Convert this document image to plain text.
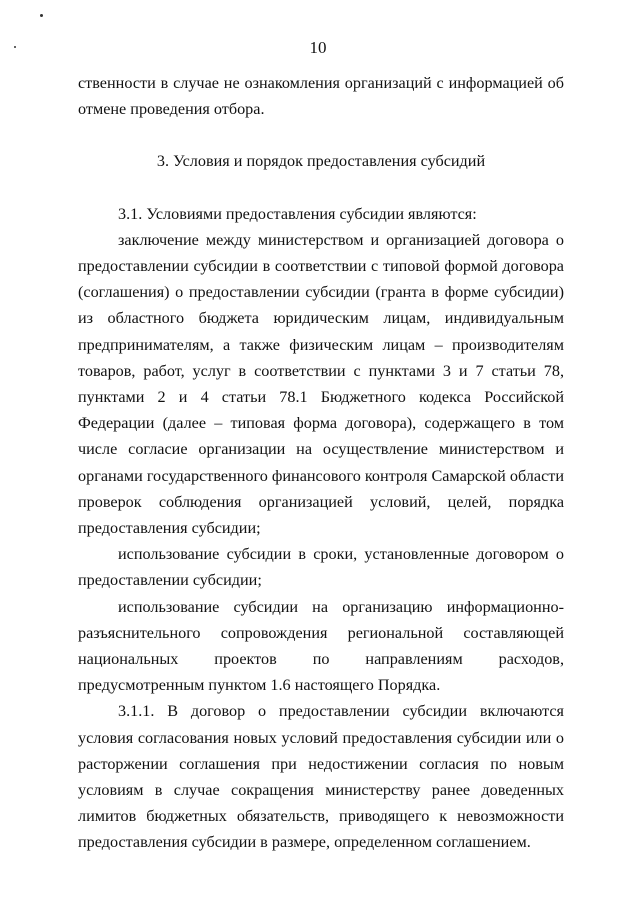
10

ственности в случае не ознакомления организаций с информацией об отмене проведения отбора.

3. Условия и порядок предоставления субсидий

3.1. Условиями предоставления субсидии являются:

заключение между министерством и организацией договора о предоставлении субсидии в соответствии с типовой формой договора (соглашения) о предоставлении субсидии (гранта в форме субсидии) из областного бюджета юридическим лицам, индивидуальным предпринимателям, а также физическим лицам – производителям товаров, работ, услуг в соответствии с пунктами 3 и 7 статьи 78, пунктами 2 и 4 статьи 78.1 Бюджетного кодекса Российской Федерации (далее – типовая форма договора), содержащего в том числе согласие организации на осуществление министерством и органами государственного финансового контроля Самарской области проверок соблюдения организацией условий, целей, порядка предоставления субсидии;

использование субсидии в сроки, установленные договором о предоставлении субсидии;

использование субсидии на организацию информационно-разъяснительного сопровождения региональной составляющей национальных проектов по направлениям расходов, предусмотренным пунктом 1.6 настоящего Порядка.

3.1.1. В договор о предоставлении субсидии включаются условия согласования новых условий предоставления субсидии или о расторжении соглашения при недостижении согласия по новым условиям в случае сокращения министерству ранее доведенных лимитов бюджетных обязательств, приводящего к невозможности предоставления субсидии в размере, определенном соглашением.
